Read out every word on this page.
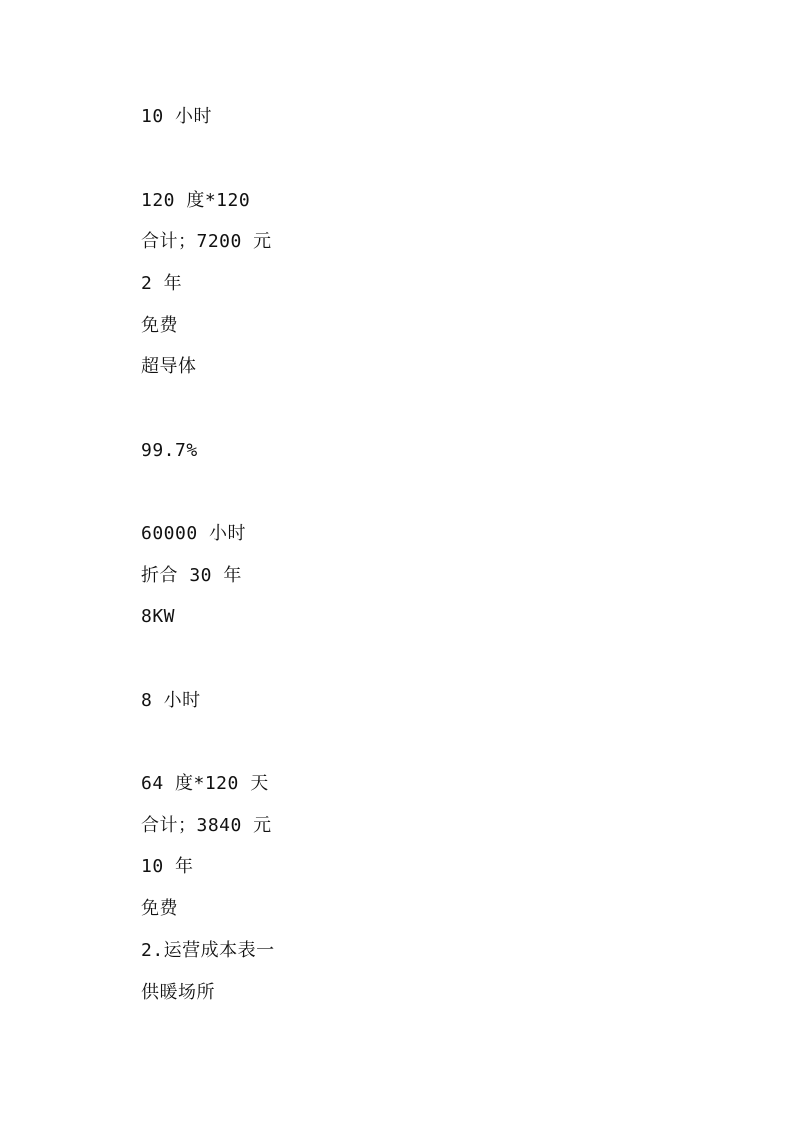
10 小时
120 度*120
合计；7200 元
2 年
免费
超导体
99.7%
60000 小时
折合 30 年
8KW
8 小时
64 度*120 天
合计；3840 元
10 年
免费
2.运营成本表一
供暖场所
